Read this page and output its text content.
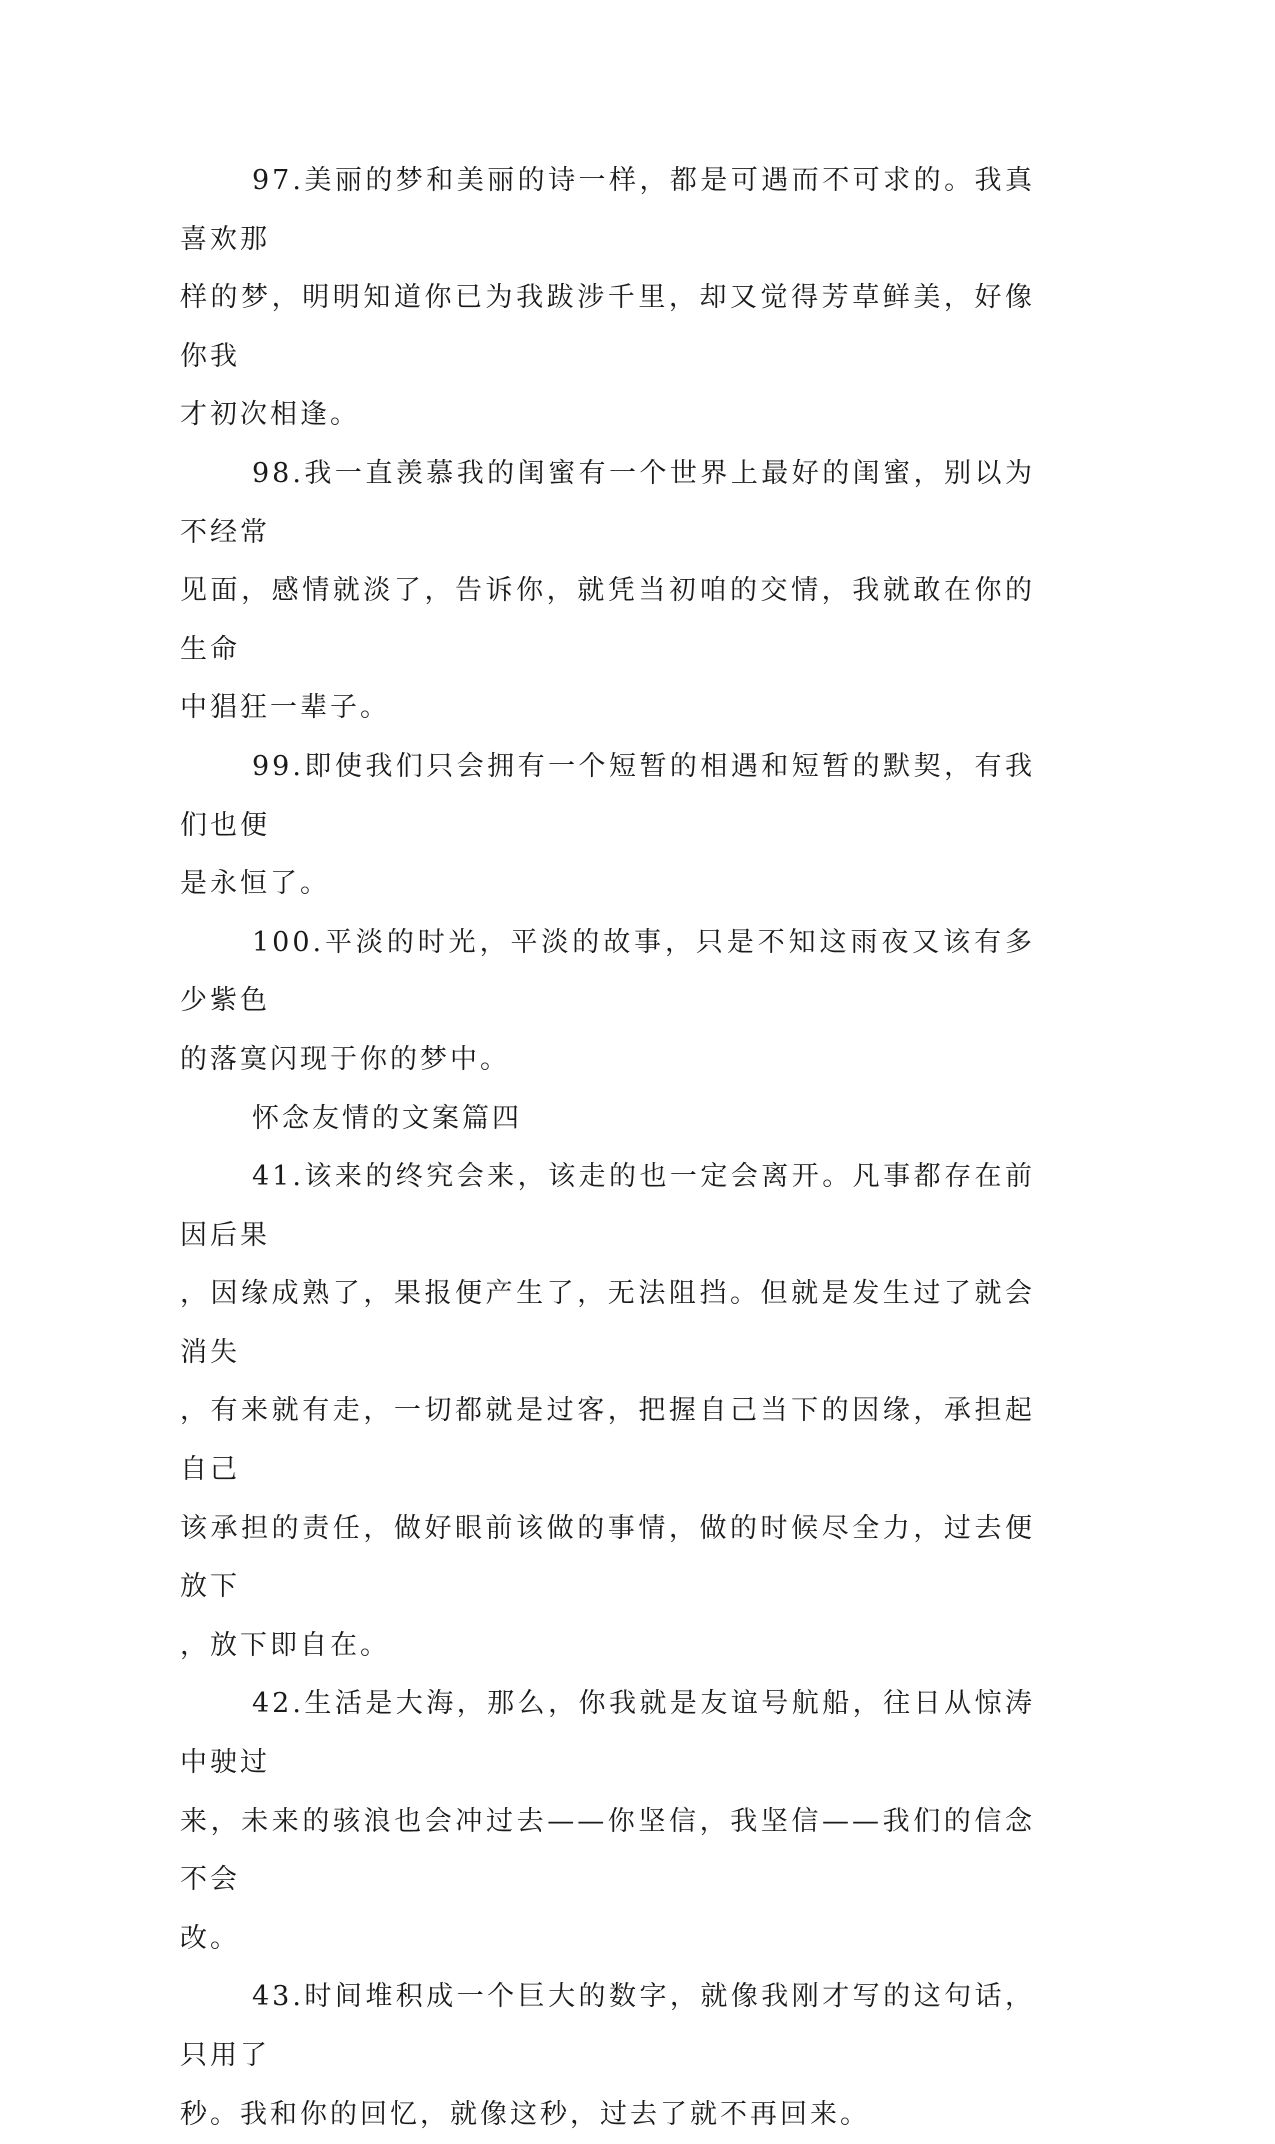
97.美丽的梦和美丽的诗一样，都是可遇而不可求的。我真喜欢那
样的梦，明明知道你已为我跋涉千里，却又觉得芳草鲜美，好像你我
才初次相逢。

98.我一直羡慕我的闺蜜有一个世界上最好的闺蜜，别以为不经常
见面，感情就淡了，告诉你，就凭当初咱的交情，我就敢在你的生命
中猖狂一辈子。

99.即使我们只会拥有一个短暂的相遇和短暂的默契，有我们也便
是永恒了。

100.平淡的时光，平淡的故事，只是不知这雨夜又该有多少紫色
的落寞闪现于你的梦中。

怀念友情的文案篇四

41.该来的终究会来，该走的也一定会离开。凡事都存在前因后果
，因缘成熟了，果报便产生了，无法阻挡。但就是发生过了就会消失
，有来就有走，一切都就是过客，把握自己当下的因缘，承担起自己
该承担的责任，做好眼前该做的事情，做的时候尽全力，过去便放下
，放下即自在。

42.生活是大海，那么，你我就是友谊号航船，往日从惊涛中驶过
来，未来的骇浪也会冲过去——你坚信，我坚信——我们的信念不会
改。

43.时间堆积成一个巨大的数字，就像我刚才写的这句话，只用了
秒。我和你的回忆，就像这秒，过去了就不再回来。
